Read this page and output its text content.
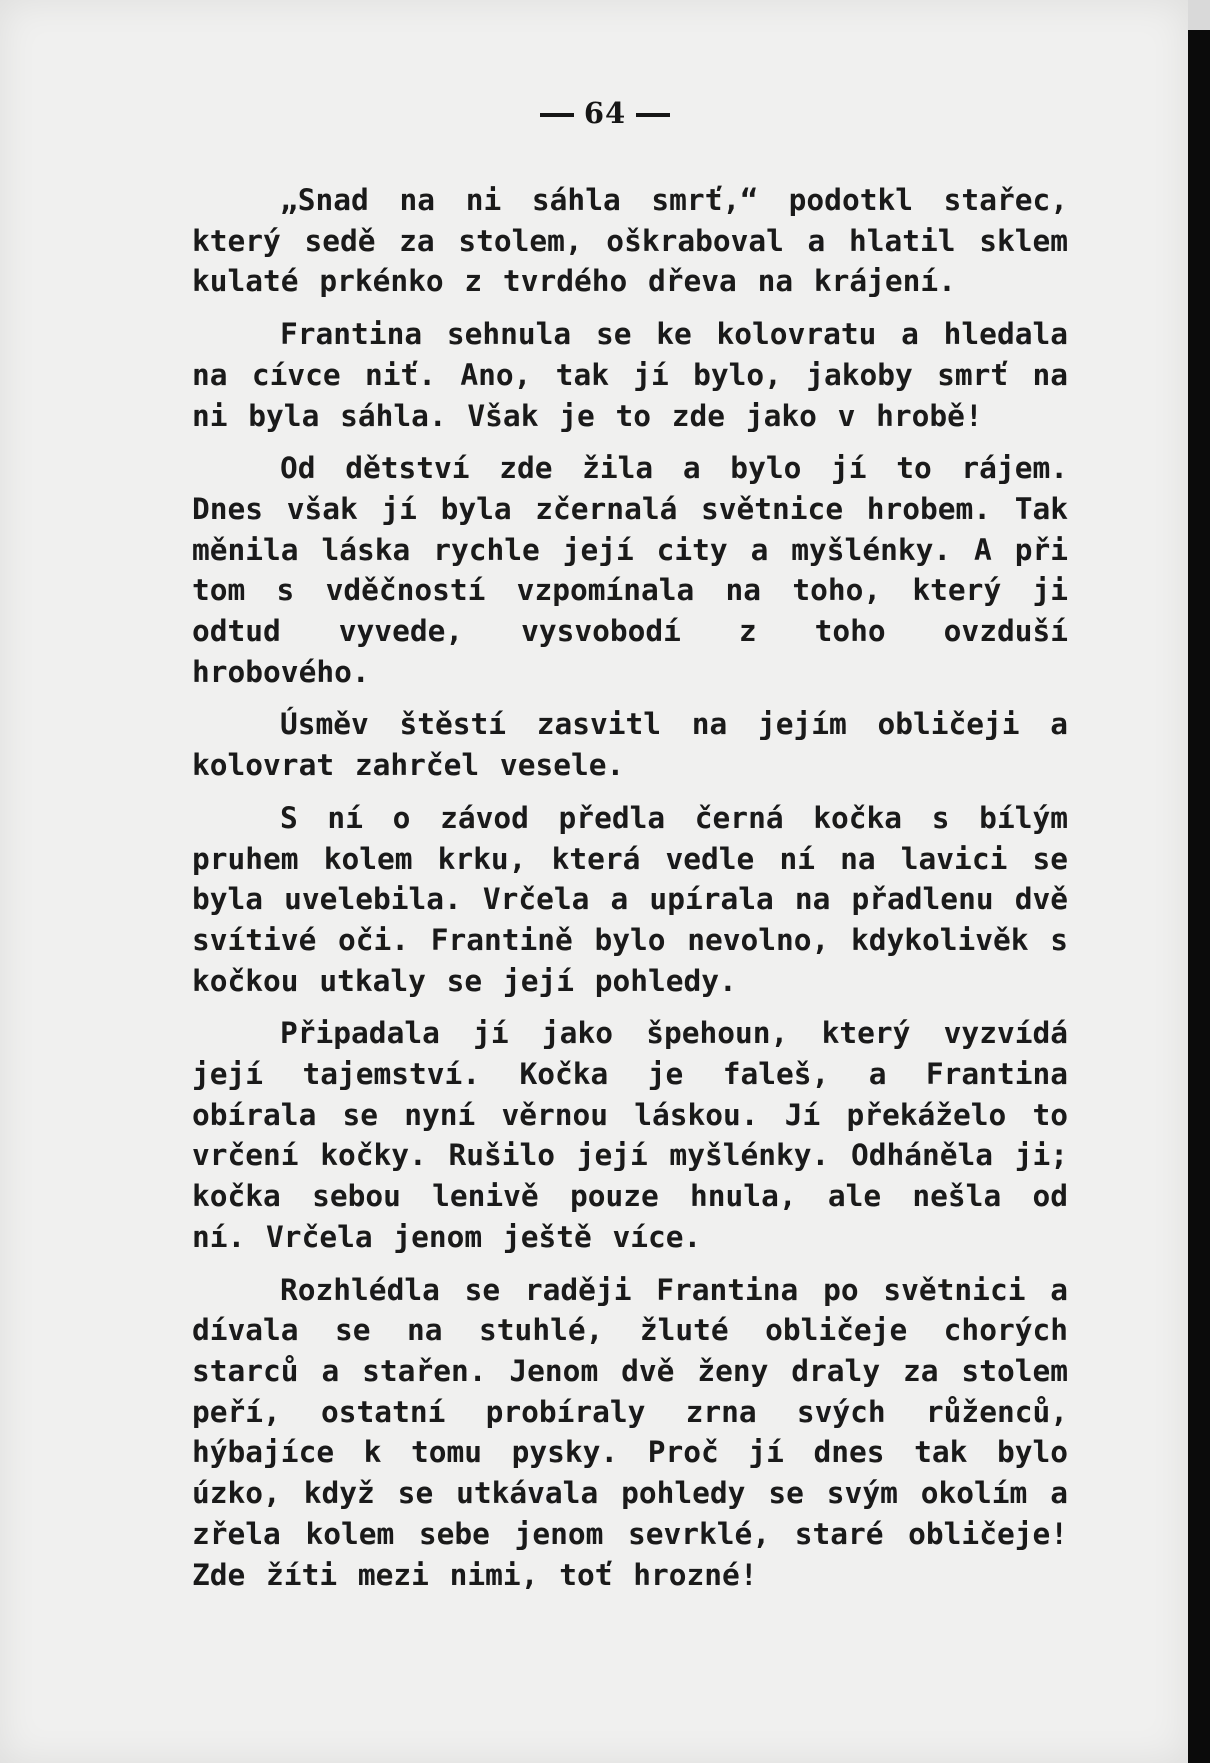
64

„Snad na ni sáhla smrť,“ podotkl stařec, který sedě za stolem, oškraboval a hlatil sklem kulaté prkénko z tvrdého dřeva na krájení.

Frantina sehnula se ke kolovratu a hledala na cívce niť. Ano, tak jí bylo, jakoby smrť na ni byla sáhla. Však je to zde jako v hrobě!

Od dětství zde žila a bylo jí to rájem. Dnes však jí byla zčernalá světnice hrobem. Tak měnila láska rychle její city a myšlénky. A při tom s vděčností vzpomínala na toho, který ji odtud vyvede, vysvobodí z toho ovzduší hrobového.

Úsměv štěstí zasvitl na jejím obličeji a kolovrat zahrčel vesele.

S ní o závod předla černá kočka s bílým pruhem kolem krku, která vedle ní na lavici se byla uvelebila. Vrčela a upírala na přadlenu dvě svítivé oči. Frantině bylo nevolno, kdykolivěk s kočkou utkaly se její pohledy.

Připadala jí jako špehoun, který vyzvídá její tajemství. Kočka je faleš, a Frantina obírala se nyní věrnou láskou. Jí překáželo to vrčení kočky. Rušilo její myšlénky. Odháněla ji; kočka sebou lenivě pouze hnula, ale nešla od ní. Vrčela jenom ještě více.

Rozhlédla se raději Frantina po světnici a dívala se na stuhlé, žluté obličeje chorých starců a stařen. Jenom dvě ženy draly za stolem peří, ostatní probíraly zrna svých růženců, hýbajíce k tomu pysky. Proč jí dnes tak bylo úzko, když se utkávala pohledy se svým okolím a zřela kolem sebe jenom sevrklé, staré obličeje! Zde žíti mezi nimi, toť hrozné!
